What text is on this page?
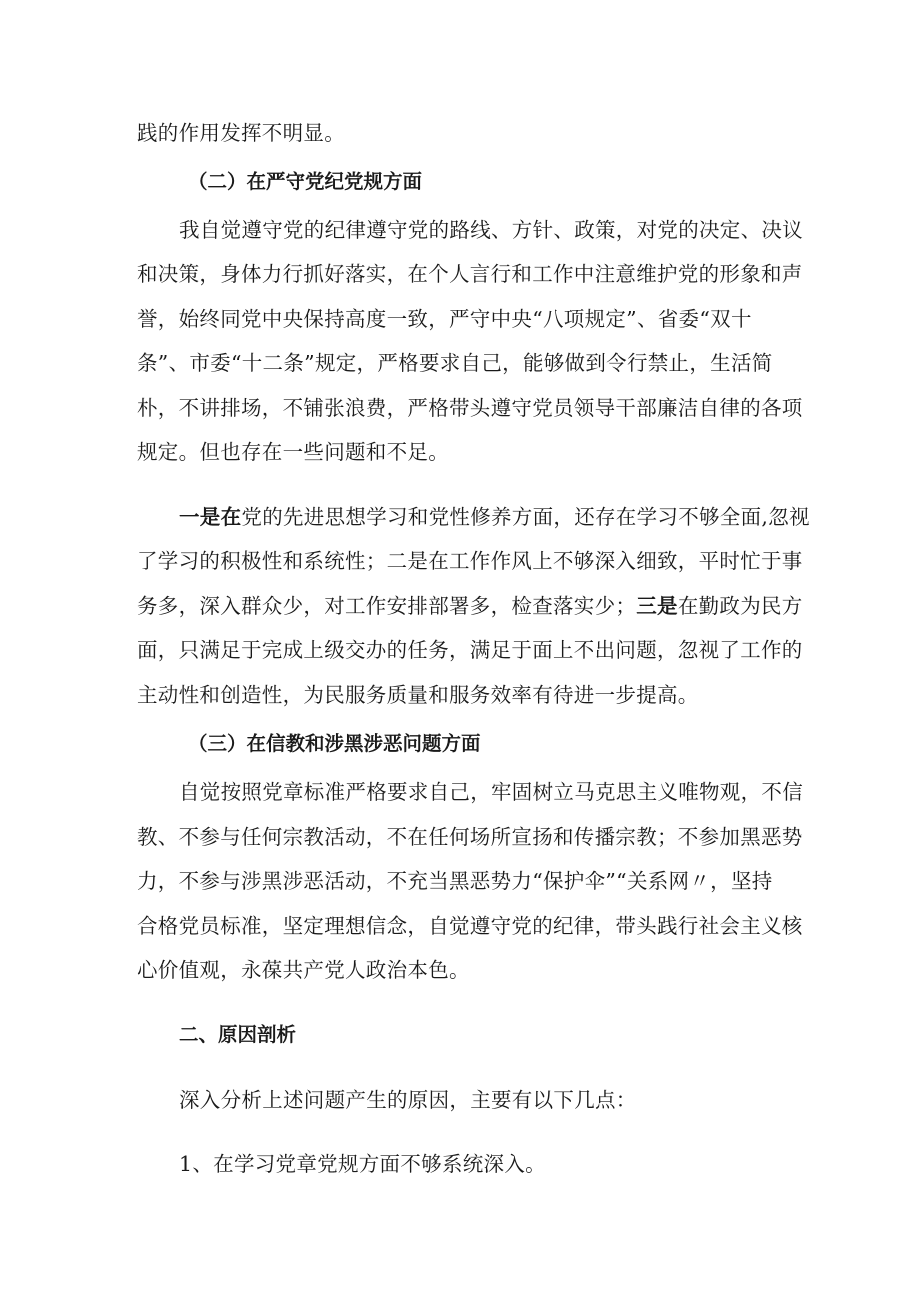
践的作用发挥不明显。
（二）在严守党纪党规方面
我自觉遵守党的纪律遵守党的路线、方针、政策，对党的决定、决议
和决策，身体力行抓好落实，在个人言行和工作中注意维护党的形象和声
誉，始终同党中央保持高度一致，严守中央“八项规定”、省委“双十
条”、市委“十二条”规定，严格要求自己，能够做到令行禁止，生活简
朴，不讲排场，不铺张浪费，严格带头遵守党员领导干部廉洁自律的各项
规定。但也存在一些问题和不足。
一是在党的先进思想学习和党性修养方面，还存在学习不够全面,忽视
了学习的积极性和系统性；二是在工作作风上不够深入细致，平时忙于事
务多，深入群众少，对工作安排部署多，检查落实少；三是在勤政为民方
面，只满足于完成上级交办的任务，满足于面上不出问题，忽视了工作的
主动性和创造性，为民服务质量和服务效率有待进一步提高。
（三）在信教和涉黑涉恶问题方面
自觉按照党章标准严格要求自己，牢固树立马克思主义唯物观，不信
教、不参与任何宗教活动，不在任何场所宣扬和传播宗教；不参加黑恶势
力，不参与涉黑涉恶活动，不充当黑恶势力“保护伞”“关系网〃，坚持
合格党员标准，坚定理想信念，自觉遵守党的纪律，带头践行社会主义核
心价值观，永葆共产党人政治本色。
二、原因剖析
深入分析上述问题产生的原因，主要有以下几点：
1、在学习党章党规方面不够系统深入。
